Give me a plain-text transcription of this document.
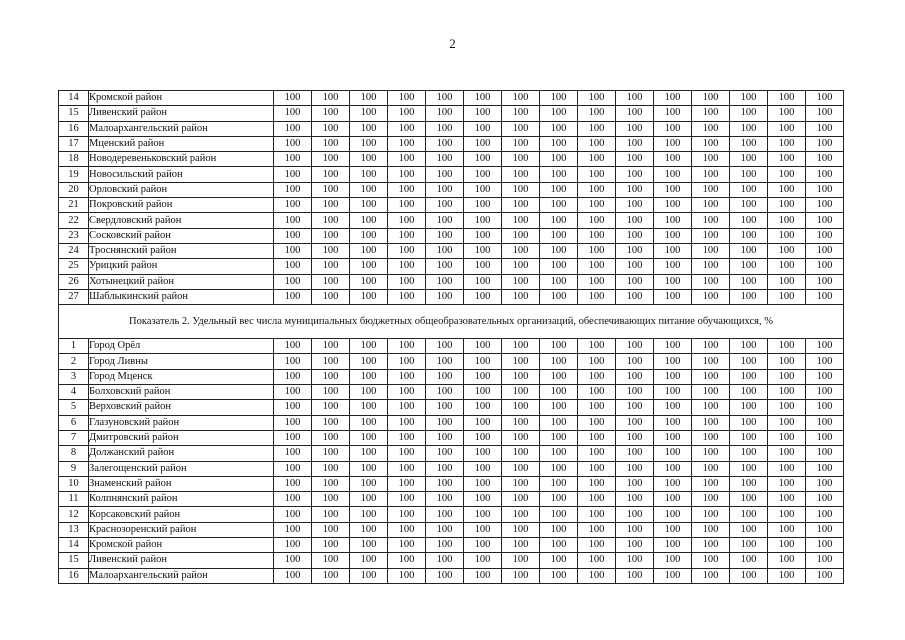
2
14	Кромской район	100	100	100	100	100	100	100	100	100	100	100	100	100	100	100
15	Ливенский район	100	100	100	100	100	100	100	100	100	100	100	100	100	100	100
16	Малоархангельский район	100	100	100	100	100	100	100	100	100	100	100	100	100	100	100
17	Мценский район	100	100	100	100	100	100	100	100	100	100	100	100	100	100	100
18	Новодеревеньковский район	100	100	100	100	100	100	100	100	100	100	100	100	100	100	100
19	Новосильский район	100	100	100	100	100	100	100	100	100	100	100	100	100	100	100
20	Орловский район	100	100	100	100	100	100	100	100	100	100	100	100	100	100	100
21	Покровский район	100	100	100	100	100	100	100	100	100	100	100	100	100	100	100
22	Свердловский район	100	100	100	100	100	100	100	100	100	100	100	100	100	100	100
23	Сосковский район	100	100	100	100	100	100	100	100	100	100	100	100	100	100	100
24	Троснянский район	100	100	100	100	100	100	100	100	100	100	100	100	100	100	100
25	Урицкий район	100	100	100	100	100	100	100	100	100	100	100	100	100	100	100
26	Хотынецкий район	100	100	100	100	100	100	100	100	100	100	100	100	100	100	100
27	Шаблыкинский район	100	100	100	100	100	100	100	100	100	100	100	100	100	100	100
Показатель 2. Удельный вес числа муниципальных бюджетных общеобразовательных организаций, обеспечивающих питание обучающихся, %																
1	Город Орёл	100	100	100	100	100	100	100	100	100	100	100	100	100	100	100
2	Город Ливны	100	100	100	100	100	100	100	100	100	100	100	100	100	100	100
3	Город Мценск	100	100	100	100	100	100	100	100	100	100	100	100	100	100	100
4	Болховский район	100	100	100	100	100	100	100	100	100	100	100	100	100	100	100
5	Верховский район	100	100	100	100	100	100	100	100	100	100	100	100	100	100	100
6	Глазуновский район	100	100	100	100	100	100	100	100	100	100	100	100	100	100	100
7	Дмитровский район	100	100	100	100	100	100	100	100	100	100	100	100	100	100	100
8	Должанский район	100	100	100	100	100	100	100	100	100	100	100	100	100	100	100
9	Залегощенский район	100	100	100	100	100	100	100	100	100	100	100	100	100	100	100
10	Знаменский район	100	100	100	100	100	100	100	100	100	100	100	100	100	100	100
11	Колпнянский район	100	100	100	100	100	100	100	100	100	100	100	100	100	100	100
12	Корсаковский район	100	100	100	100	100	100	100	100	100	100	100	100	100	100	100
13	Краснозоренский район	100	100	100	100	100	100	100	100	100	100	100	100	100	100	100
14	Кромской район	100	100	100	100	100	100	100	100	100	100	100	100	100	100	100
15	Ливенский район	100	100	100	100	100	100	100	100	100	100	100	100	100	100	100
16	Малоархангельский район	100	100	100	100	100	100	100	100	100	100	100	100	100	100	100
